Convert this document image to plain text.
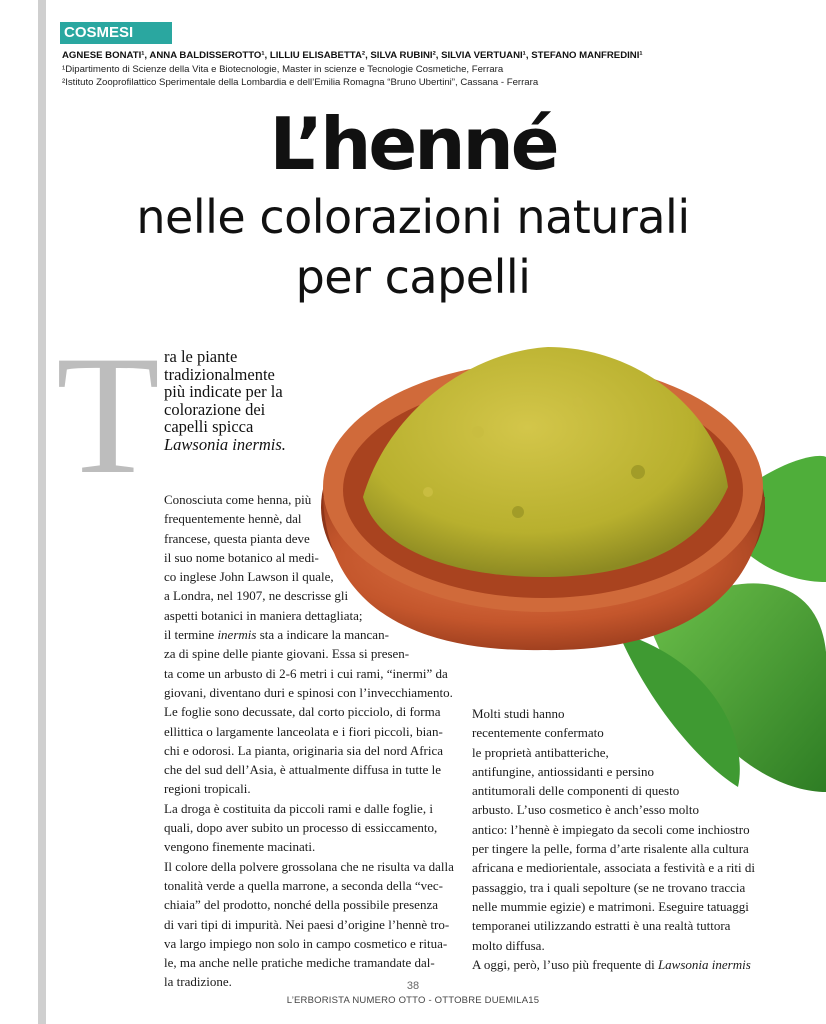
COSMESI
AGNESE BONATI¹, ANNA BALDISSEROTTO¹, LILLIU ELISABETTA², SILVA RUBINI², SILVIA VERTUANI¹, STEFANO MANFREDINI¹
¹Dipartimento di Scienze della Vita e Biotecnologie, Master in scienze e Tecnologie Cosmetiche, Ferrara
²Istituto Zooprofilattico Sperimentale della Lombardia e dell’Emilia Romagna “Bruno Ubertini”, Cassana - Ferrara
L’henné
nelle colorazioni naturali
per capelli
T ra le piante
tradizionalmente
più indicate per la
colorazione dei
capelli spicca
Lawsonia inermis.
Conosciuta come henna, più
frequentemente hennè, dal
francese, questa pianta deve
il suo nome botanico al medi-
co inglese John Lawson il quale,
a Londra, nel 1907, ne descrisse gli
aspetti botanici in maniera dettagliata;
il termine inermis sta a indicare la mancan-
za di spine delle piante giovani. Essa si presen-
ta come un arbusto di 2-6 metri i cui rami, “inermi” da
giovani, diventano duri e spinosi con l’invecchiamento.
Le foglie sono decussate, dal corto picciolo, di forma
ellittica o largamente lanceolata e i fiori piccoli, bian-
chi e odorosi. La pianta, originaria sia del nord Africa
che del sud dell’Asia, è attualmente diffusa in tutte le
regioni tropicali.
La droga è costituita da piccoli rami e dalle foglie, i
quali, dopo aver subito un processo di essiccamento,
vengono finemente macinati.
Il colore della polvere grossolana che ne risulta va dalla
tonalità verde a quella marrone, a seconda della “vec-
chiaia” del prodotto, nonché della possibile presenza
di vari tipi di impurità. Nei paesi d’origine l’hennè tro-
va largo impiego non solo in campo cosmetico e ritua-
le, ma anche nelle pratiche mediche tramandate dal-
la tradizione.
Molti studi hanno
recentemente confermato
le proprietà antibatteriche,
antifungine, antiossidanti e persino
antitumorali delle componenti di questo
arbusto. L’uso cosmetico è anch’esso molto
antico: l’hennè è impiegato da secoli come inchiostro
per tingere la pelle, forma d’arte risalente alla cultura
africana e mediorientale, associata a festività e a riti di
passaggio, tra i quali sepolture (se ne trovano traccia
nelle mummie egizie) e matrimoni. Eseguire tatuaggi
temporanei utilizzando estratti è una realtà tuttora
molto diffusa.
A oggi, però, l’uso più frequente di Lawsonia inermis
38
L’ERBORISTA NUMERO OTTO - OTTOBRE DUEMILA15
